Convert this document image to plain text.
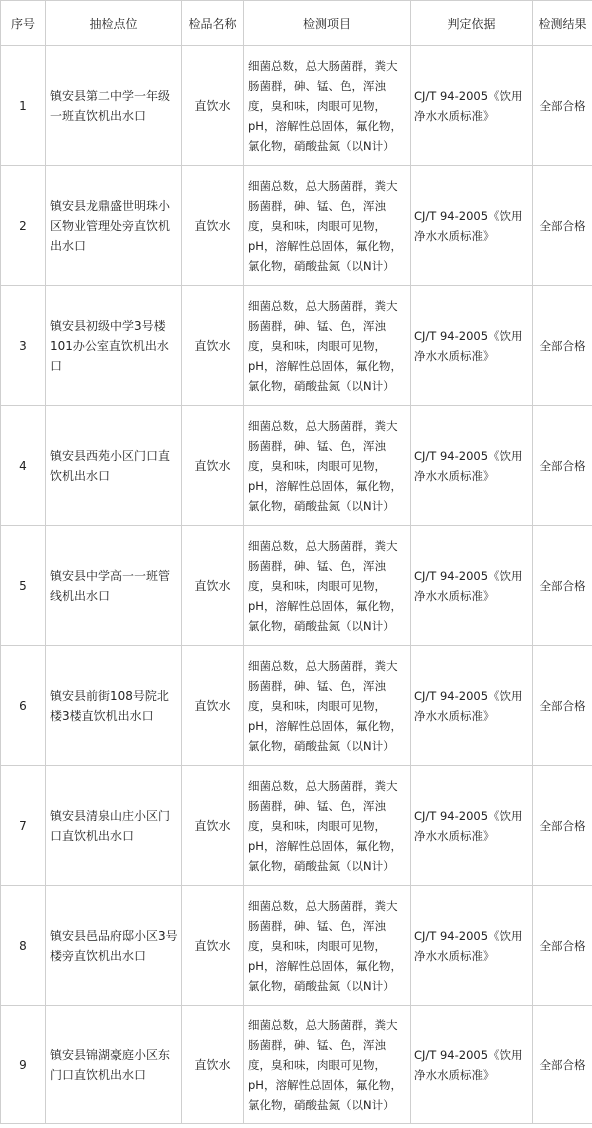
序号	抽检点位	检品名称	检测项目	判定依据	检测结果
1	镇安县第二中学一年级一班直饮机出水口	直饮水	细菌总数，总大肠菌群，粪大肠菌群，砷、锰、色，浑浊度，臭和味，肉眼可见物，pH，溶解性总固体，氟化物，氯化物，硝酸盐氮（以N计）	CJ/T 94-2005《饮用净水水质标准》	全部合格
2	镇安县龙鼎盛世明珠小区物业管理处旁直饮机出水口	直饮水	细菌总数，总大肠菌群，粪大肠菌群，砷、锰、色，浑浊度，臭和味，肉眼可见物，pH，溶解性总固体，氟化物，氯化物，硝酸盐氮（以N计）	CJ/T 94-2005《饮用净水水质标准》	全部合格
3	镇安县初级中学3号楼101办公室直饮机出水口	直饮水	细菌总数，总大肠菌群，粪大肠菌群，砷、锰、色，浑浊度，臭和味，肉眼可见物，pH，溶解性总固体，氟化物，氯化物，硝酸盐氮（以N计）	CJ/T 94-2005《饮用净水水质标准》	全部合格
4	镇安县西苑小区门口直饮机出水口	直饮水	细菌总数，总大肠菌群，粪大肠菌群，砷、锰、色，浑浊度，臭和味，肉眼可见物，pH，溶解性总固体，氟化物，氯化物，硝酸盐氮（以N计）	CJ/T 94-2005《饮用净水水质标准》	全部合格
5	镇安县中学高一一班管线机出水口	直饮水	细菌总数，总大肠菌群，粪大肠菌群，砷、锰、色，浑浊度，臭和味，肉眼可见物，pH，溶解性总固体，氟化物，氯化物，硝酸盐氮（以N计）	CJ/T 94-2005《饮用净水水质标准》	全部合格
6	镇安县前街108号院北楼3楼直饮机出水口	直饮水	细菌总数，总大肠菌群，粪大肠菌群，砷、锰、色，浑浊度，臭和味，肉眼可见物，pH，溶解性总固体，氟化物，氯化物，硝酸盐氮（以N计）	CJ/T 94-2005《饮用净水水质标准》	全部合格
7	镇安县清泉山庄小区门口直饮机出水口	直饮水	细菌总数，总大肠菌群，粪大肠菌群，砷、锰、色，浑浊度，臭和味，肉眼可见物，pH，溶解性总固体，氟化物，氯化物，硝酸盐氮（以N计）	CJ/T 94-2005《饮用净水水质标准》	全部合格
8	镇安县邑品府邸小区3号楼旁直饮机出水口	直饮水	细菌总数，总大肠菌群，粪大肠菌群，砷、锰、色，浑浊度，臭和味，肉眼可见物，pH，溶解性总固体，氟化物，氯化物，硝酸盐氮（以N计）	CJ/T 94-2005《饮用净水水质标准》	全部合格
9	镇安县锦湖豪庭小区东门口直饮机出水口	直饮水	细菌总数，总大肠菌群，粪大肠菌群，砷、锰、色，浑浊度，臭和味，肉眼可见物，pH，溶解性总固体，氟化物，氯化物，硝酸盐氮（以N计）	CJ/T 94-2005《饮用净水水质标准》	全部合格
